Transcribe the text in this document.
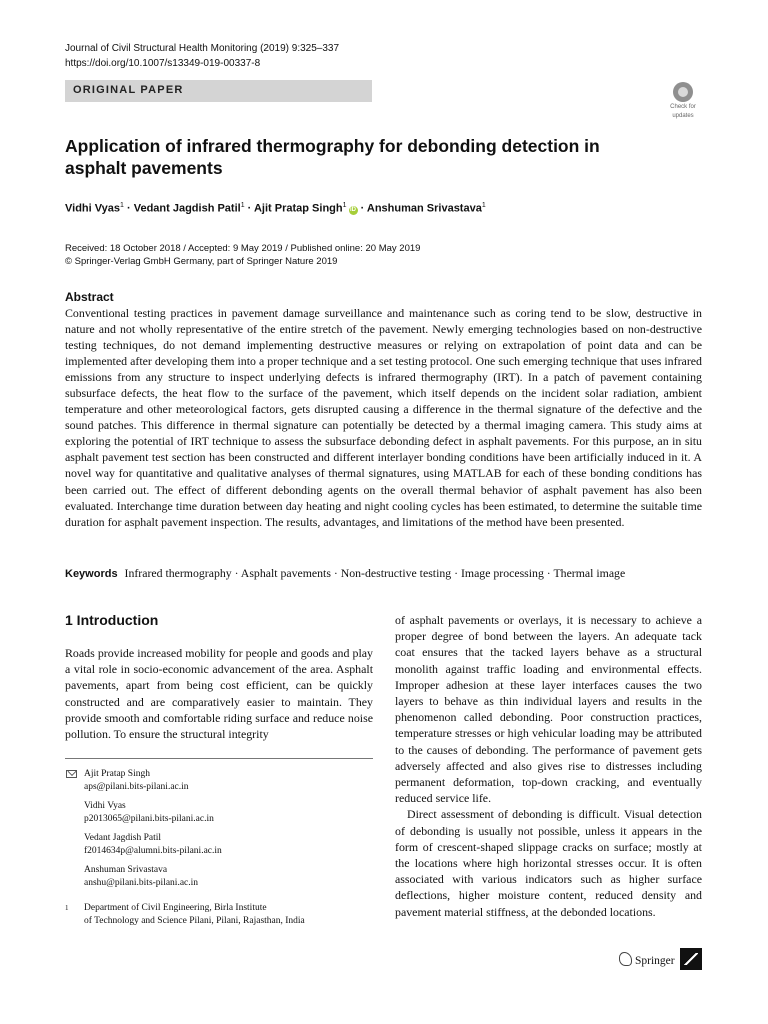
Journal of Civil Structural Health Monitoring (2019) 9:325–337
https://doi.org/10.1007/s13349-019-00337-8
ORIGINAL PAPER
Check for
updates
Application of infrared thermography for debonding detection in asphalt pavements
Vidhi Vyas$^1$ · Vedant Jagdish Patil$^1$ · Ajit Pratap Singh$^1$iD · Anshuman Srivastava$^1$
Received: 18 October 2018 / Accepted: 9 May 2019 / Published online: 20 May 2019
© Springer-Verlag GmbH Germany, part of Springer Nature 2019
Abstract
Conventional testing practices in pavement damage surveillance and maintenance such as coring tend to be slow, destructive in nature and not wholly representative of the entire stretch of the pavement. Newly emerging technologies based on non-destructive testing techniques, do not demand implementing destructive measures or relying on extrapolation of point data and can be implemented after developing them into a proper technique and a set testing protocol. One such emerging technique that uses infrared emissions from any structure to inspect underlying defects is infrared thermography (IRT). In a patch of pavement containing subsurface defects, the heat flow to the surface of the pavement, which itself depends on the incident solar radiation, ambient temperature and other meteorological factors, gets disrupted causing a difference in the thermal signature of the defective and the sound patches. This difference in thermal signature can potentially be detected by a thermal imaging camera. This study aims at exploring the potential of IRT technique to assess the subsurface debonding defect in asphalt pavements. For this purpose, an in situ asphalt pavement test section has been constructed and different interlayer bonding conditions have been artificially induced in it. A novel way for quantitative and qualitative analyses of thermal signatures, using MATLAB for each of these bonding conditions has been carried out. The effect of different debonding agents on the overall thermal behavior of asphalt pavement has also been evaluated. Interchange time duration between day heating and night cooling cycles has been estimated, to determine the suitable time duration for asphalt pavement inspection. The results, advantages, and limitations of the method have been presented.
Keywords Infrared thermography · Asphalt pavements · Non-destructive testing · Image processing · Thermal image
1 Introduction

Roads provide increased mobility for people and goods and play a vital role in socio-economic advancement of the area. Asphalt pavements, apart from being cost efficient, can be quickly constructed and are comparatively easier to maintain. They provide smooth and comfortable riding surface and reduce noise pollution. To ensure the structural integrity

Ajit Pratap Singh
aps@pilani.bits-pilani.ac.in
Vidhi Vyas
p2013065@pilani.bits-pilani.ac.in
Vedant Jagdish Patil
f2014634p@alumni.bits-pilani.ac.in
Anshuman Srivastava
anshu@pilani.bits-pilani.ac.in
1 Department of Civil Engineering, Birla Institute
of Technology and Science Pilani, Pilani, Rajasthan, India

of asphalt pavements or overlays, it is necessary to achieve a proper degree of bond between the layers. An adequate tack coat ensures that the tacked layers behave as a structural monolith against traffic loading and environmental effects. Improper adhesion at these layer interfaces causes the two layers to behave as thin individual layers and results in the phenomenon called debonding. Poor construction practices, temperature stresses or high vehicular loading may be attributed to the causes of debonding. The performance of pavement gets adversely affected and also gives rise to distresses including permanent deformation, top-down cracking, and eventually reduced service life.

Direct assessment of debonding is difficult. Visual detection of debonding is usually not possible, unless it appears in the form of crescent-shaped slippage cracks on surface; mostly at the locations where high horizontal stresses occur. It is often associated with various indicators such as higher surface deflections, higher moisture content, reduced density and pavement material stiffness, at the debonded locations.

Springer
